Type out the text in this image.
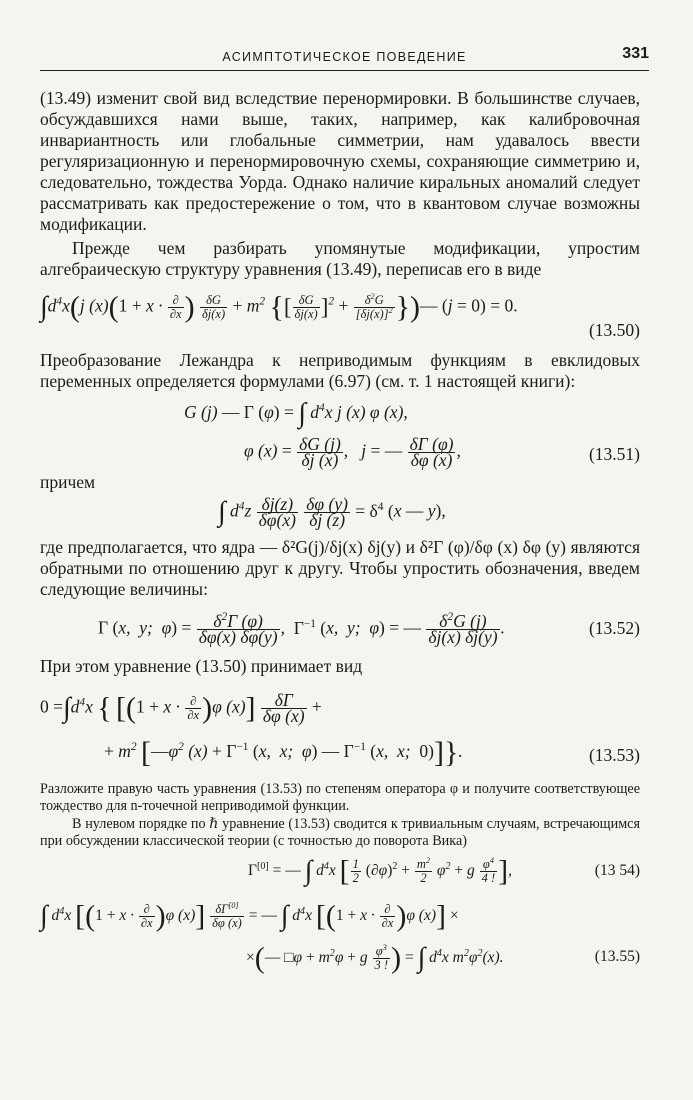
АСИМПТОТИЧЕСКОЕ ПОВЕДЕНИЕ	331

(13.49) изменит свой вид вследствие перенормировки. В большинстве случаев, обсуждавшихся нами выше, таких, например, как калибровочная инвариантность или глобальные симметрии, нам удавалось ввести регуляризационную и перенормировочную схемы, сохраняющие симметрию и, следовательно, тождества Уорда. Однако наличие киральных аномалий следует рассматривать как предостережение о том, что в квантовом случае возможны модификации.

Прежде чем разбирать упомянутые модификации, упростим алгебраическую структуру уравнения (13.49), переписав его в виде

$\int d^4x(j$ $(x)(1 + x \cdot \frac{\partial}{\partial x}$ ) $\frac{\delta G}{\delta j(x)} + m^2$ {[ $\frac{\delta G}{\delta j(x)} ]^2 + \frac{\delta^2G}{[\delta j(x)]^2}$ })— (j = 0) = 0.
(13.50)

Преобразование Лежандра к неприводимым функциям в евклидовых переменных определяется формулами (6.97) (см. т. 1 настоящей книги):

G (j) — Γ (φ) = ∫ $d^4x$ j (x) φ (x),
φ $(x) = \frac{\delta G (j)}{\delta j (x)}$ ,   j = — $\frac{\delta\Gamma (\varphi)}{\delta\varphi (x)}$ ,	(13.51)

причем

∫ $d^4z \frac{\delta j(z)}{\delta\varphi(x)}$
$\frac{\delta\varphi (y)}{\delta j (z)} = \delta^4$ (x — y),

где предполагается, что ядра — δ²G(j)/δj(x) δj(y) и δ²Γ (φ)/δφ (x) δφ (y) являются обратными по отношению друг к другу. Чтобы упростить обозначения, введем следующие величины:

Γ (x,  y;  $\varphi) = \frac{\delta^2\Gamma (\varphi)}{\delta\varphi(x) \delta\varphi(y)}$ ,  $\Gamma^{-1}$ (x,  y;  φ) = — $\frac{\delta^2G (j)}{\delta j(x) \delta j(y)}$ .	(13.52)

При этом уравнение (13.50) принимает вид

$0 =\int d^4x$ { [$(1 + x \cdot \frac{\partial}{\partial x} )\varphi$ $(x)] \frac{\delta\Gamma}{\delta\varphi (x)}$ +
+ $m^2$ [$—\varphi^2$ $(x) + \Gamma^{-1}$ (x,  x;  φ) — $\Gamma^{-1}$ (x,  x;  0)]}.	(13.53)

Разложите правую часть уравнения (13.53) по степеням оператора φ и получите соответствующее тождество для n-точечной неприводимой функции.

В нулевом порядке по ℏ уравнение (13.53) сводится к тривиальным случаям, встречающимся при обсуждении классической теории (с точностью до поворота Вика)

Γ[0] = — ∫ $d^4x$ [ $\frac{1}{2} (\partial\varphi)^2 + \frac{m^2}{2} \varphi^2 + g \frac{\varphi^4}{4 !}$ ],	(13 54)
∫ $d^4x$ [$(1 + x \cdot \frac{\partial}{\partial x} )\varphi$ $(x)] \frac{\delta\Gamma^{[0]}}{\delta\varphi (x)}$ = — ∫ $d^4x$ [$(1 + x \cdot \frac{\partial}{\partial x} )\varphi$ (x)] ×
×(— □φ + $m^2\varphi + g \frac{\varphi^3}{3 !}$ ) = ∫ $d^4x$ $m^2\varphi^2(x)$.	(13.55)
